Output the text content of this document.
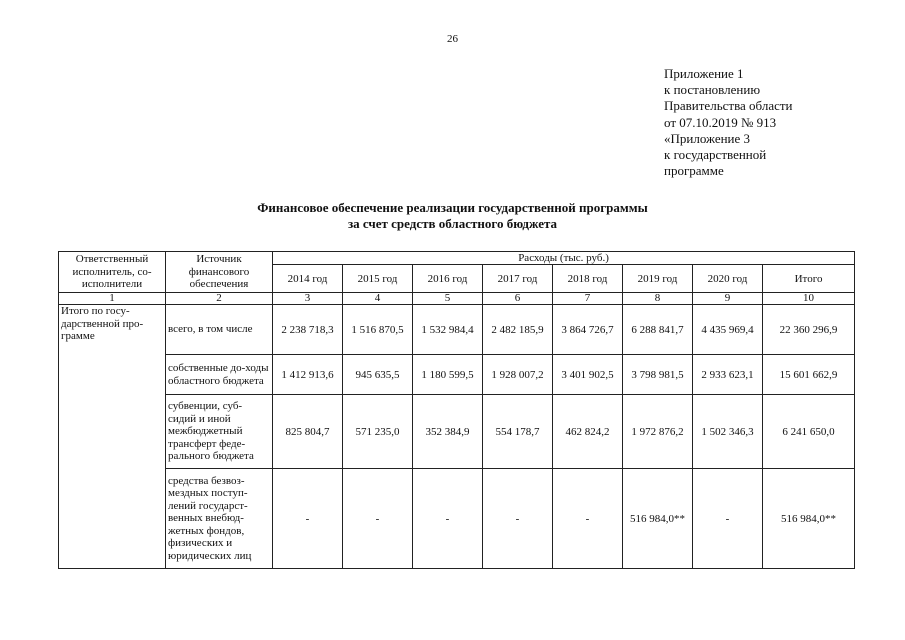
26
Приложение 1
к постановлению
Правительства области
от 07.10.2019 № 913
«Приложение 3
к государственной
программе
Финансовое обеспечение реализации государственной программы
за счет средств областного бюджета
Ответственный исполнитель, со-исполнители	Источник финансового обеспечения	Расходы (тыс. руб.)							
		2014 год	2015 год	2016 год	2017 год	2018 год	2019 год	2020 год	Итого
1	2	3	4	5	6	7	8	9	10
Итого по госу-дарственной про-грамме	всего, в том числе	2 238 718,3	1 516 870,5	1 532 984,4	2 482 185,9	3 864 726,7	6 288 841,7	4 435 969,4	22 360 296,9
	собственные до-ходы областного бюджета	1 412 913,6	945 635,5	1 180 599,5	1 928 007,2	3 401 902,5	3 798 981,5	2 933 623,1	15 601 662,9
	субвенции, суб-сидий и иной межбюджетный трансферт феде-рального бюджета	825 804,7	571 235,0	352 384,9	554 178,7	462 824,2	1 972 876,2	1 502 346,3	6 241 650,0
	средства безвоз-мездных поступ-лений государст-венных внебюд-жетных фондов, физических и юридических лиц	-	-	-	-	-	516 984,0**	-	516 984,0**
